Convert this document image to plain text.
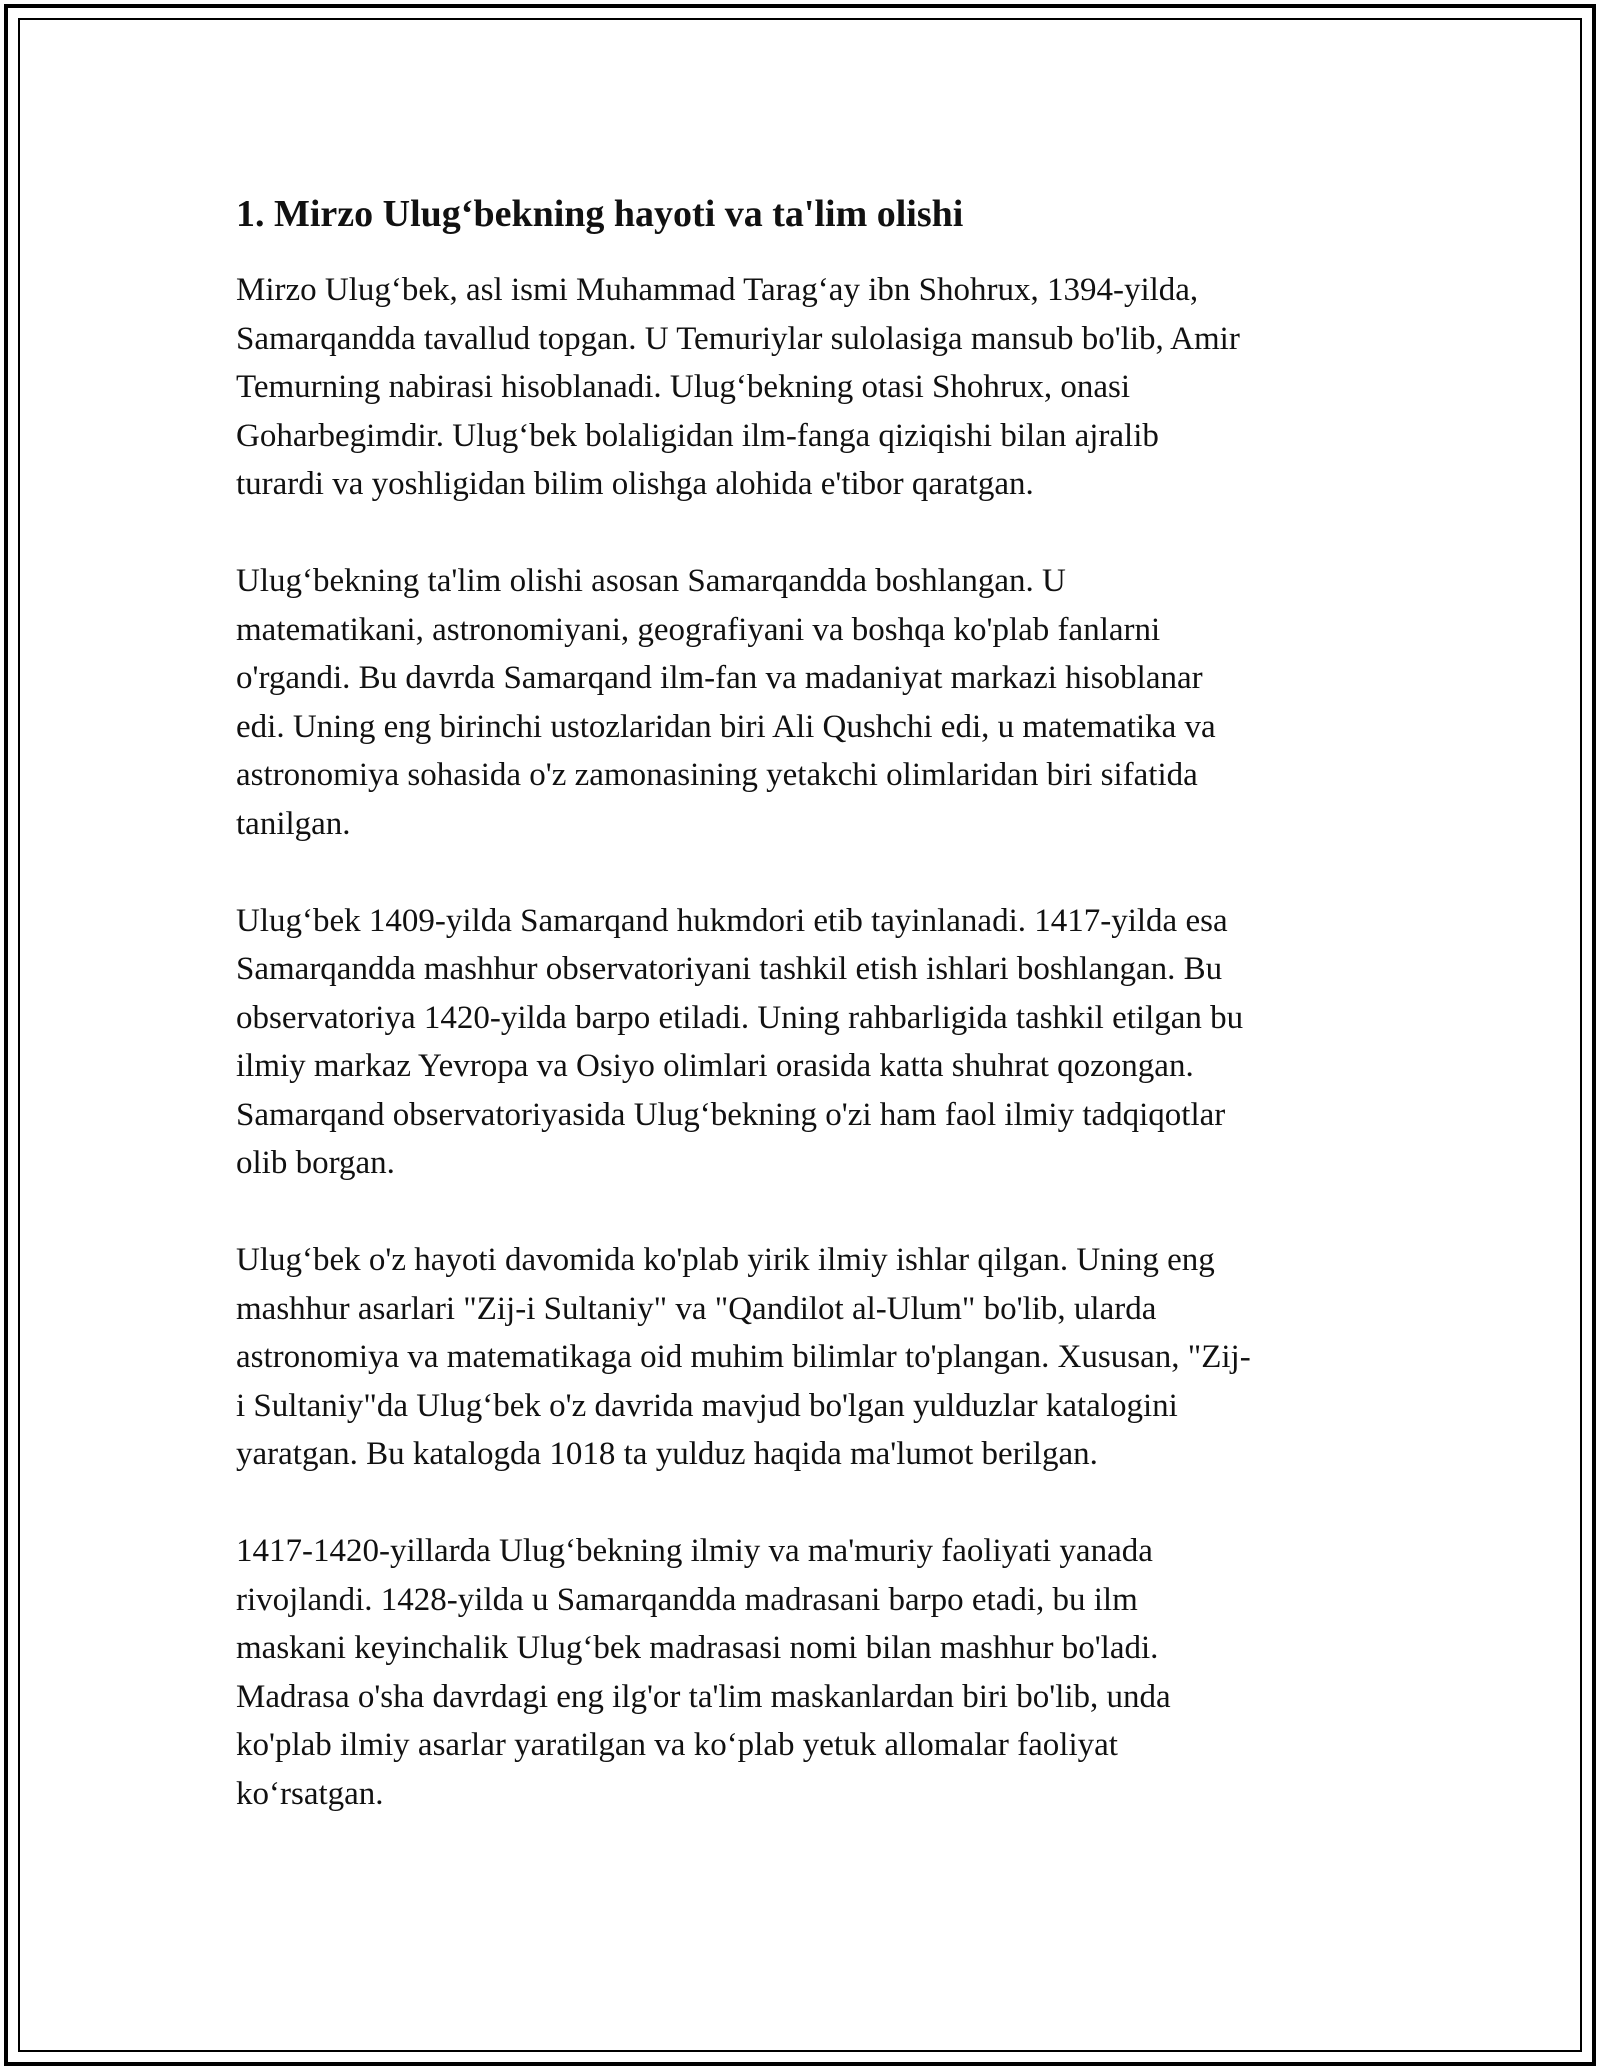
1. Mirzo Ulug‘bekning hayoti va ta'lim olishi

Mirzo Ulug‘bek, asl ismi Muhammad Tarag‘ay ibn Shohrux, 1394-yilda,
Samarqandda tavallud topgan. U Temuriylar sulolasiga mansub bo'lib, Amir
Temurning nabirasi hisoblanadi. Ulug‘bekning otasi Shohrux, onasi
Goharbegimdir. Ulug‘bek bolaligidan ilm-fanga qiziqishi bilan ajralib
turardi va yoshligidan bilim olishga alohida e'tibor qaratgan.

Ulug‘bekning ta'lim olishi asosan Samarqandda boshlangan. U
matematikani, astronomiyani, geografiyani va boshqa ko'plab fanlarni
o'rgandi. Bu davrda Samarqand ilm-fan va madaniyat markazi hisoblanar
edi. Uning eng birinchi ustozlaridan biri Ali Qushchi edi, u matematika va
astronomiya sohasida o'z zamonasining yetakchi olimlaridan biri sifatida
tanilgan.

Ulug‘bek 1409-yilda Samarqand hukmdori etib tayinlanadi. 1417-yilda esa
Samarqandda mashhur observatoriyani tashkil etish ishlari boshlangan. Bu
observatoriya 1420-yilda barpo etiladi. Uning rahbarligida tashkil etilgan bu
ilmiy markaz Yevropa va Osiyo olimlari orasida katta shuhrat qozongan.
Samarqand observatoriyasida Ulug‘bekning o'zi ham faol ilmiy tadqiqotlar
olib borgan.

Ulug‘bek o'z hayoti davomida ko'plab yirik ilmiy ishlar qilgan. Uning eng
mashhur asarlari "Zij-i Sultaniy" va "Qandilot al-Ulum" bo'lib, ularda
astronomiya va matematikaga oid muhim bilimlar to'plangan. Xususan, "Zij-
i Sultaniy"da Ulug‘bek o'z davrida mavjud bo'lgan yulduzlar katalogini
yaratgan. Bu katalogda 1018 ta yulduz haqida ma'lumot berilgan.

1417-1420-yillarda Ulug‘bekning ilmiy va ma'muriy faoliyati yanada
rivojlandi. 1428-yilda u Samarqandda madrasani barpo etadi, bu ilm
maskani keyinchalik Ulug‘bek madrasasi nomi bilan mashhur bo'ladi.
Madrasa o'sha davrdagi eng ilg'or ta'lim maskanlardan biri bo'lib, unda
ko'plab ilmiy asarlar yaratilgan va ko‘plab yetuk allomalar faoliyat
ko‘rsatgan.
